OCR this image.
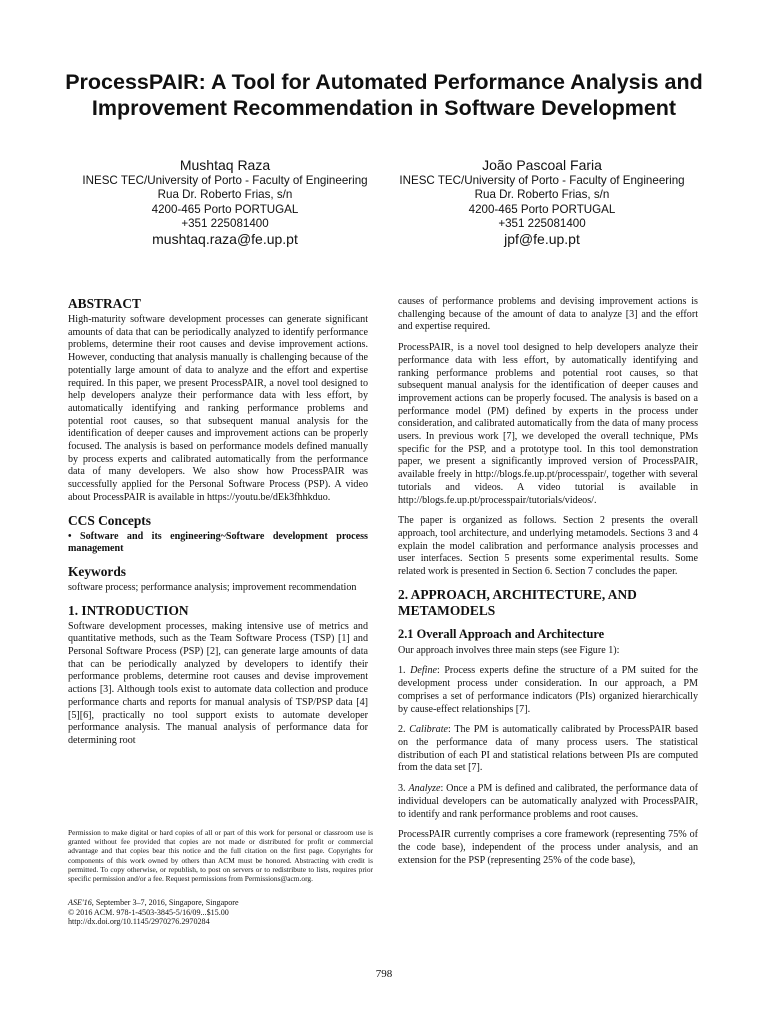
ProcessPAIR: A Tool for Automated Performance Analysis and Improvement Recommendation in Software Development
Mushtaq Raza
INESC TEC/University of Porto - Faculty of Engineering
Rua Dr. Roberto Frias, s/n
4200-465 Porto PORTUGAL
+351 225081400
mushtaq.raza@fe.up.pt
João Pascoal Faria
INESC TEC/University of Porto - Faculty of Engineering
Rua Dr. Roberto Frias, s/n
4200-465 Porto PORTUGAL
+351 225081400
jpf@fe.up.pt
ABSTRACT

High-maturity software development processes can generate significant amounts of data that can be periodically analyzed to identify performance problems, determine their root causes and devise improvement actions. However, conducting that analysis manually is challenging because of the potentially large amount of data to analyze and the effort and expertise required. In this paper, we present ProcessPAIR, a novel tool designed to help developers analyze their performance data with less effort, by automatically identifying and ranking performance problems and potential root causes, so that subsequent manual analysis for the identification of deeper causes and improvement actions can be properly focused. The analysis is based on performance models defined manually by process experts and calibrated automatically from the performance data of many developers. We also show how ProcessPAIR was successfully applied for the Personal Software Process (PSP). A video about ProcessPAIR is available in https://youtu.be/dEk3fhhkduo.

CCS Concepts

• Software and its engineering~Software development process management

Keywords

software process; performance analysis; improvement recommendation

1. INTRODUCTION

Software development processes, making intensive use of metrics and quantitative methods, such as the Team Software Process (TSP) [1] and Personal Software Process (PSP) [2], can generate large amounts of data that can be periodically analyzed by developers to identify their performance problems, determine root causes and devise improvement actions [3]. Although tools exist to automate data collection and produce performance charts and reports for manual analysis of TSP/PSP data [4][5][6], practically no tool support exists to automate developer performance analysis. The manual analysis of performance data for determining root

Permission to make digital or hard copies of all or part of this work for personal or classroom use is granted without fee provided that copies are not made or distributed for profit or commercial advantage and that copies bear this notice and the full citation on the first page. Copyrights for components of this work owned by others than ACM must be honored. Abstracting with credit is permitted. To copy otherwise, or republish, to post on servers or to redistribute to lists, requires prior specific permission and/or a fee. Request permissions from Permissions@acm.org.
ASE'16, September 3–7, 2016, Singapore, Singapore
© 2016 ACM. 978-1-4503-3845-5/16/09...$15.00
http://dx.doi.org/10.1145/2970276.2970284

causes of performance problems and devising improvement actions is challenging because of the amount of data to analyze [3] and the effort and expertise required.

ProcessPAIR, is a novel tool designed to help developers analyze their performance data with less effort, by automatically identifying and ranking performance problems and potential root causes, so that subsequent manual analysis for the identification of deeper causes and improvement actions can be properly focused. The analysis is based on a performance model (PM) defined by experts in the process under consideration, and calibrated automatically from the data of many process users. In previous work [7], we developed the overall technique, PMs specific for the PSP, and a prototype tool. In this tool demonstration paper, we present a significantly improved version of ProcessPAIR, available freely in http://blogs.fe.up.pt/processpair/, together with several tutorials and videos. A video tutorial is available in http://blogs.fe.up.pt/processpair/tutorials/videos/.

The paper is organized as follows. Section 2 presents the overall approach, tool architecture, and underlying metamodels. Sections 3 and 4 explain the model calibration and performance analysis processes and user interfaces. Section 5 presents some experimental results. Some related work is presented in Section 6. Section 7 concludes the paper.

2. APPROACH, ARCHITECTURE, AND METAMODELS
2.1 Overall Approach and Architecture

Our approach involves three main steps (see Figure 1):

1. Define: Process experts define the structure of a PM suited for the development process under consideration. In our approach, a PM comprises a set of performance indicators (PIs) organized hierarchically by cause-effect relationships [7].

2. Calibrate: The PM is automatically calibrated by ProcessPAIR based on the performance data of many process users. The statistical distribution of each PI and statistical relations between PIs are computed from the data set [7].

3. Analyze: Once a PM is defined and calibrated, the performance data of individual developers can be automatically analyzed with ProcessPAIR, to identify and rank performance problems and root causes.

ProcessPAIR currently comprises a core framework (representing 75% of the code base), independent of the process under analysis, and an extension for the PSP (representing 25% of the code base),

798
